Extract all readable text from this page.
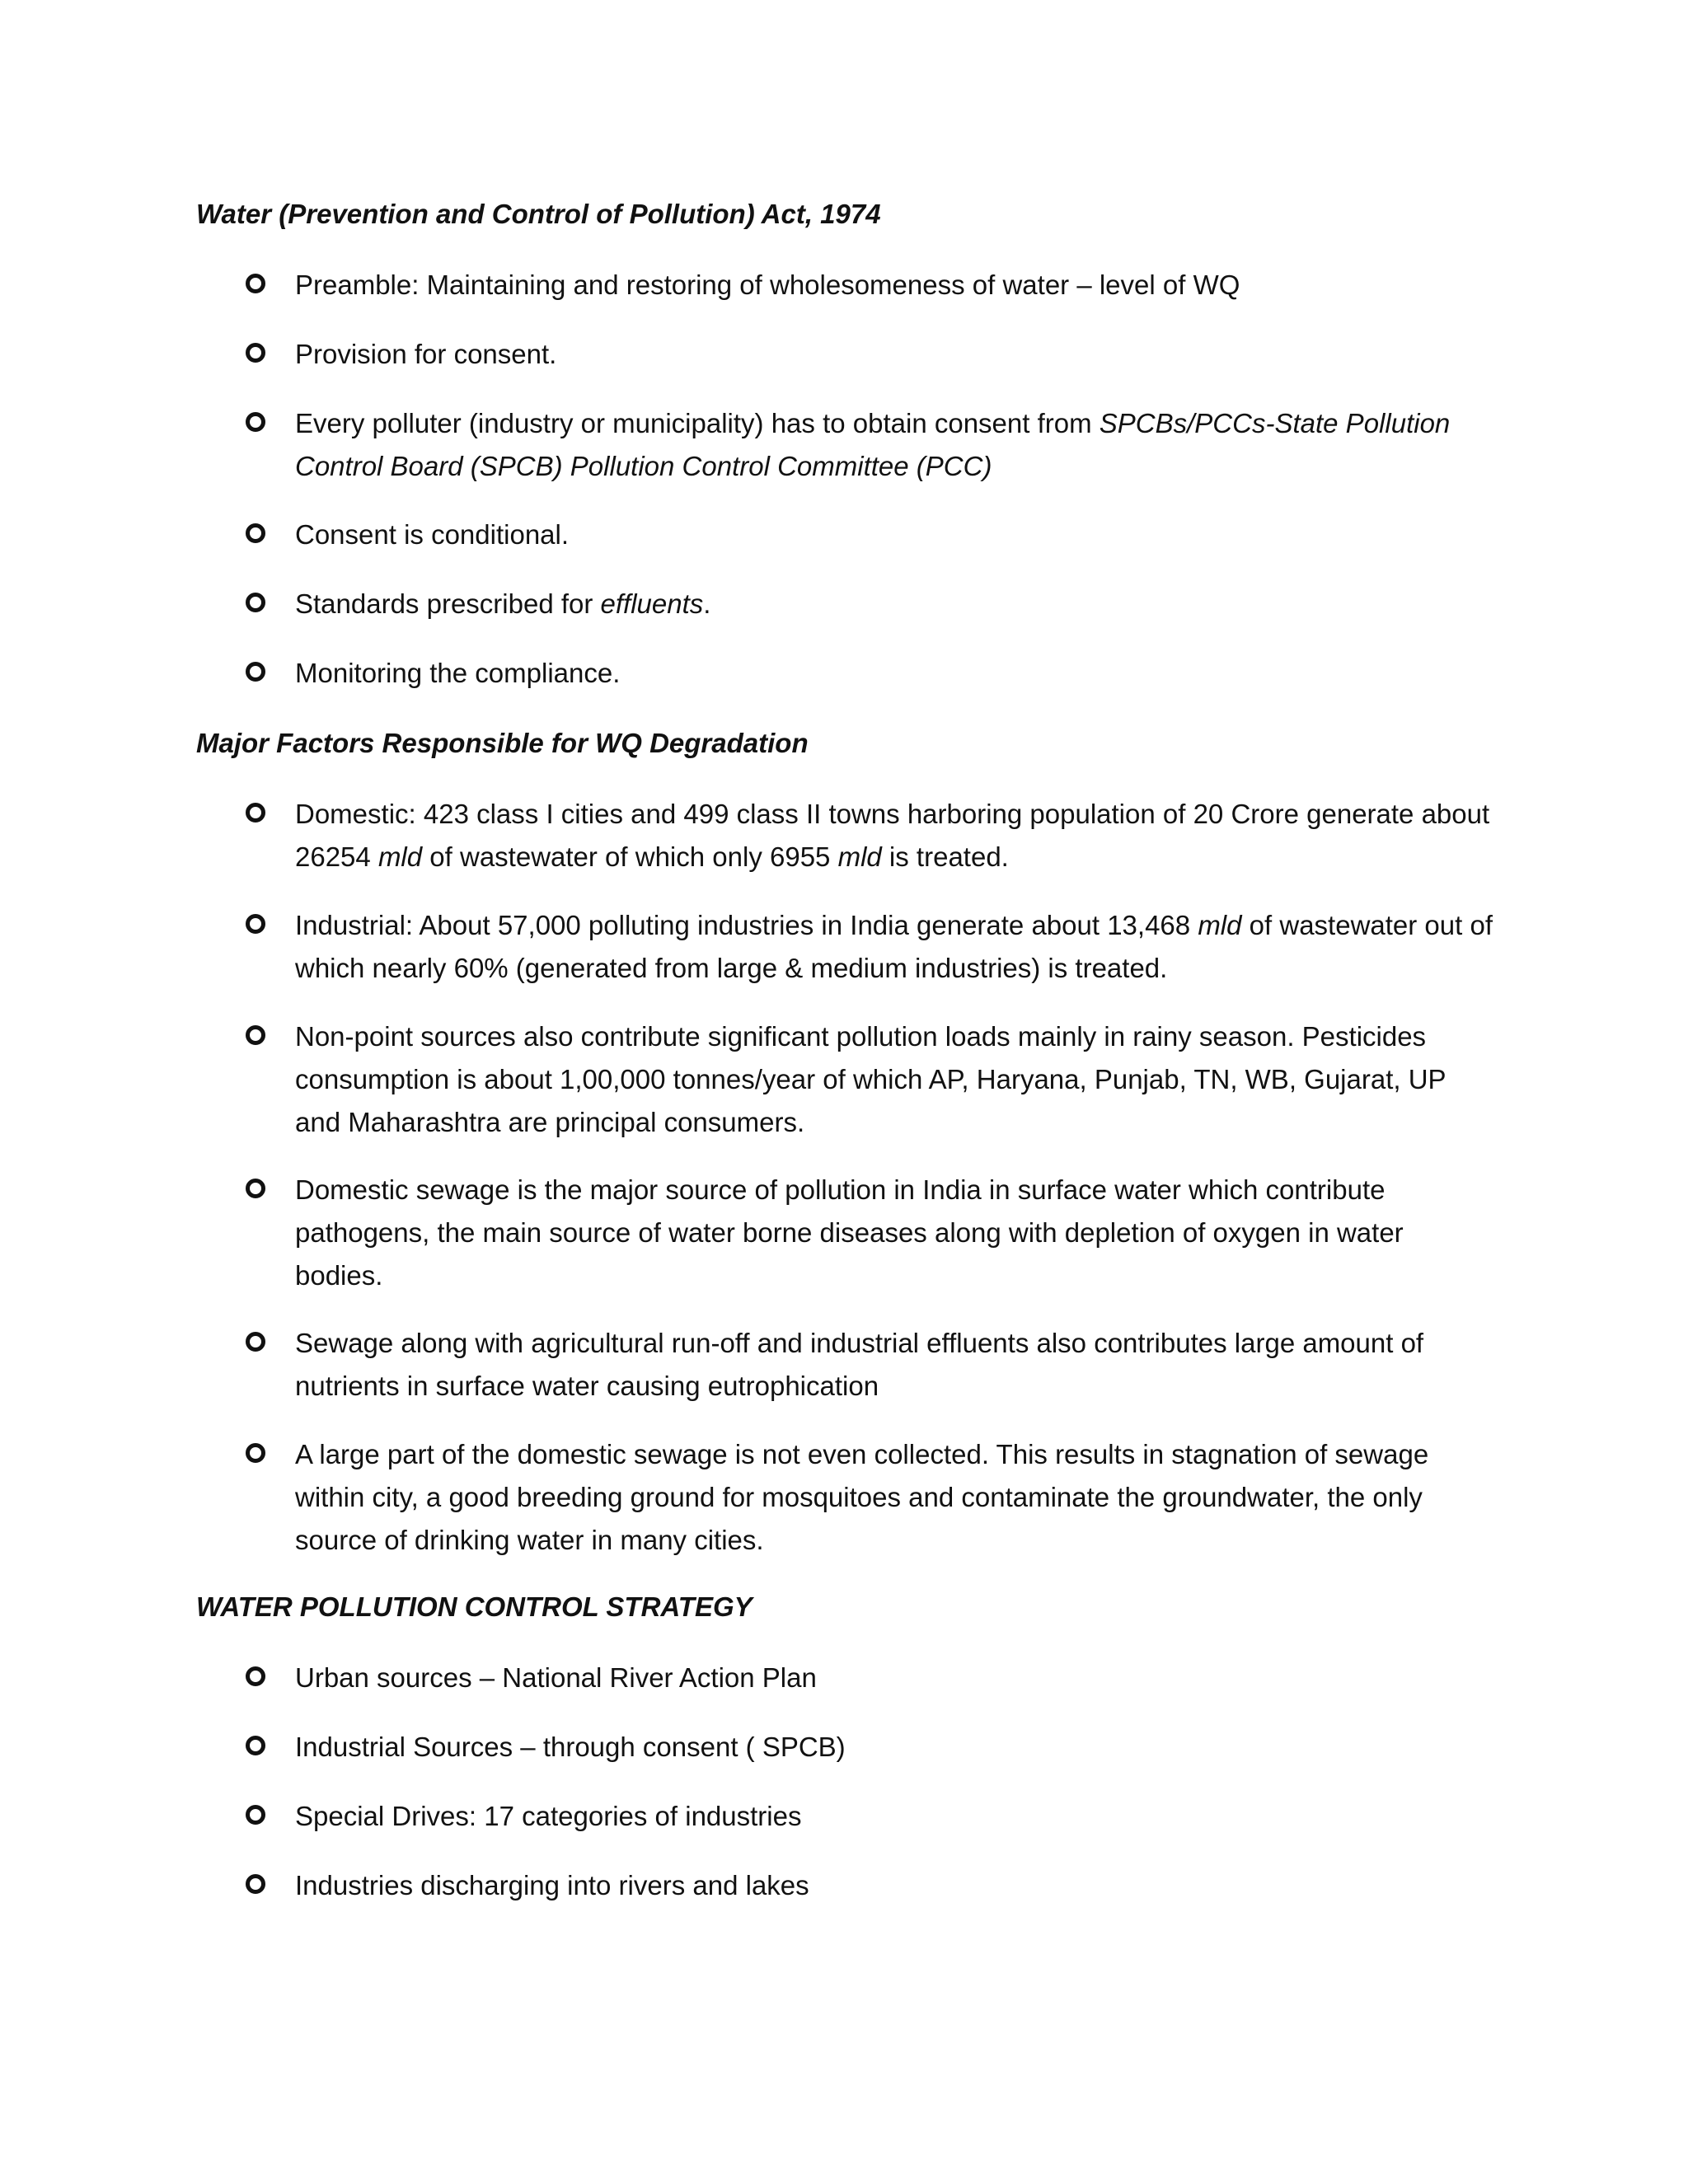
Water (Prevention and Control of Pollution) Act, 1974
Preamble: Maintaining and restoring of wholesomeness of water – level of WQ
Provision for consent.
Every polluter (industry or municipality) has to obtain consent from SPCBs/PCCs-State Pollution Control Board (SPCB) Pollution Control Committee (PCC)
Consent is conditional.
Standards prescribed for effluents.
Monitoring the compliance.
Major Factors Responsible for WQ Degradation
Domestic: 423 class I cities and 499 class II towns harboring population of 20 Crore generate about 26254 mld of wastewater of which only 6955 mld is treated.
Industrial: About 57,000 polluting industries in India generate about 13,468 mld of wastewater out of which nearly 60% (generated from large & medium industries) is treated.
Non-point sources also contribute significant pollution loads mainly in rainy season. Pesticides consumption is about 1,00,000 tonnes/year of which AP, Haryana, Punjab, TN, WB, Gujarat, UP and Maharashtra are principal consumers.
Domestic sewage is the major source of pollution in India in surface water which contribute pathogens, the main source of water borne diseases along with depletion of oxygen in water bodies.
Sewage along with agricultural run-off and industrial effluents also contributes large amount of nutrients in surface water causing eutrophication
A large part of the domestic sewage is not even collected. This results in stagnation of sewage within city, a good breeding ground for mosquitoes and contaminate the groundwater, the only source of drinking water in many cities.
WATER POLLUTION CONTROL STRATEGY
Urban sources – National River Action Plan
Industrial Sources – through consent ( SPCB)
Special Drives: 17 categories of industries
Industries discharging into rivers and lakes
